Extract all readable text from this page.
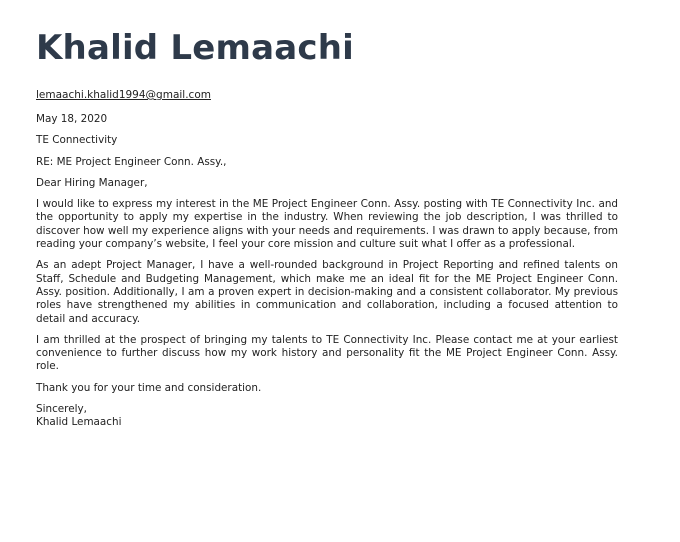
Khalid Lemaachi
lemaachi.khalid1994@gmail.com
May 18, 2020
TE Connectivity
RE: ME Project Engineer Conn. Assy.,
Dear Hiring Manager,

I would like to express my interest in the ME Project Engineer Conn. Assy. posting with TE Connectivity Inc. and the opportunity to apply my expertise in the industry. When reviewing the job description, I was thrilled to discover how well my experience aligns with your needs and requirements. I was drawn to apply because, from reading your company’s website, I feel your core mission and culture suit what I offer as a professional.

As an adept Project Manager, I have a well-rounded background in Project Reporting and refined talents on Staff, Schedule and Budgeting Management, which make me an ideal fit for the ME Project Engineer Conn. Assy. position. Additionally, I am a proven expert in decision-making and a consistent collaborator. My previous roles have strengthened my abilities in communication and collaboration, including a focused attention to detail and accuracy.

I am thrilled at the prospect of bringing my talents to TE Connectivity Inc. Please contact me at your earliest convenience to further discuss how my work history and personality fit the ME Project Engineer Conn. Assy. role.

Thank you for your time and consideration.
Sincerely,
Khalid Lemaachi
